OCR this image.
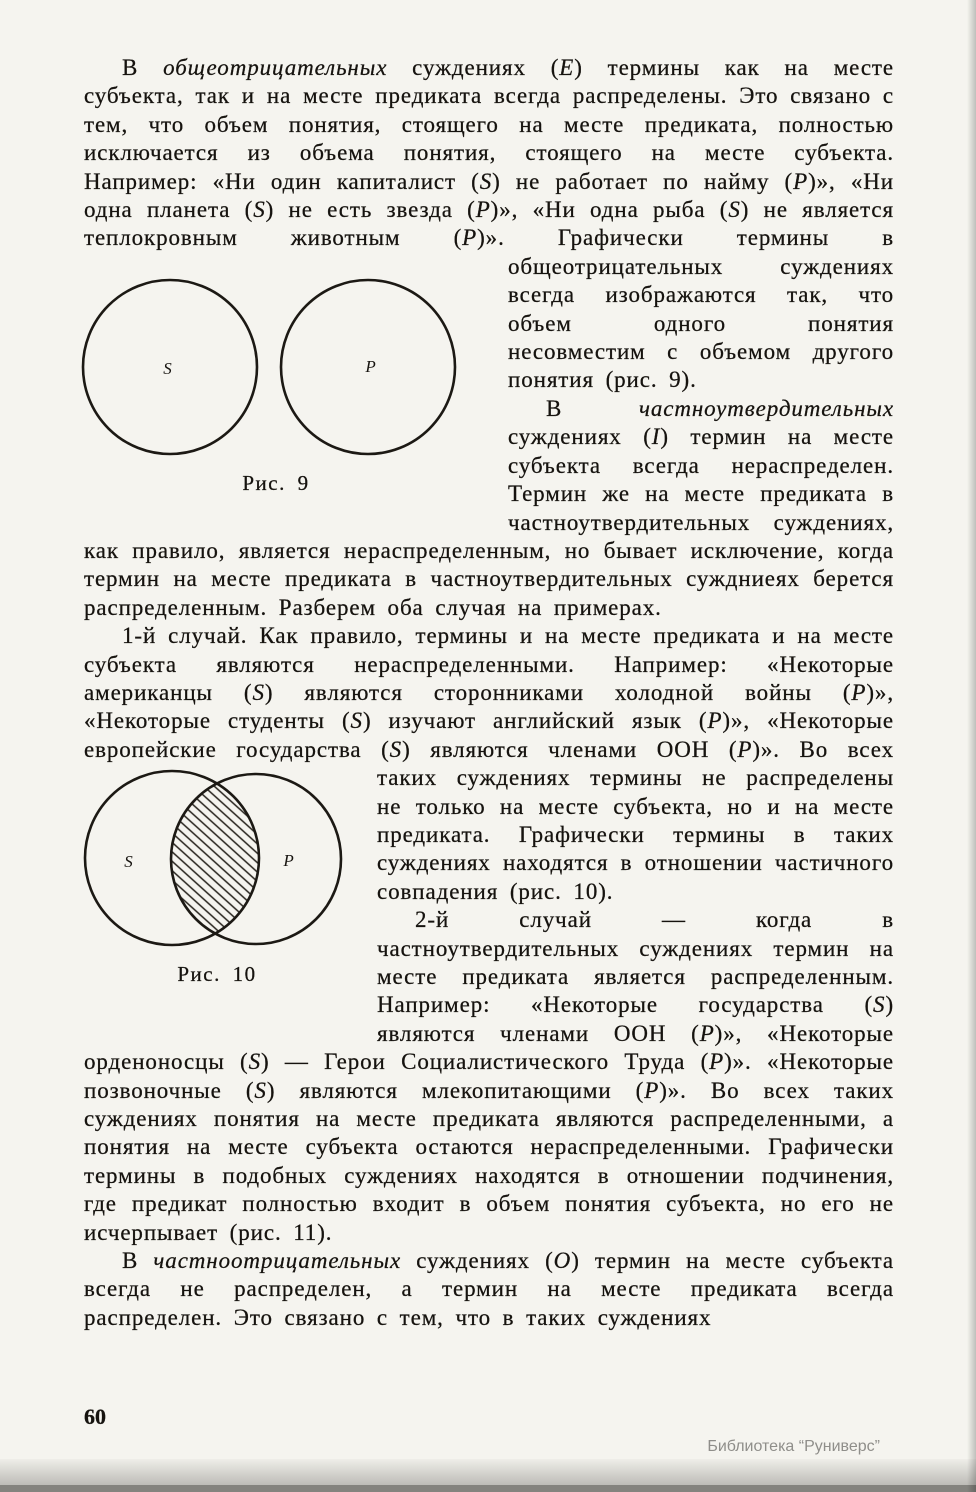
В общеотрицательных суждениях (E) термины как на месте субъекта, так и на месте предиката всегда распределены. Это связано с тем, что объем понятия, стоящего на месте предиката, полностью исключается из объема понятия, стоящего на месте субъекта. Например: «Ни один капиталист (S) не работает по найму (P)», «Ни одна планета (S) не есть звезда (P)», «Ни одна рыба (S) не является теплокровным животным (P)». Графически термины в общеотрицательных суждениях
S	P
Рис. 9
всегда изображаются так, что объем одного понятия несовместим с объемом другого понятия (рис. 9).

В частноутвердительных суждениях (I) термин на месте субъекта всегда нераспределен. Термин же на месте предиката в частноутвердительных суждениях, как правило, является нераспределенным, но бывает исключение, когда термин на месте предиката в частноутвердительных суждниеях берется распределенным. Разберем оба случая на примерах.

1-й случай. Как правило, термины и на месте предиката и на месте субъекта являются нераспределенными. Например: «Некоторые американцы (S) являются сторонниками холодной войны (P)», «Некоторые студенты (S) изучают английский язык (P)», «Некоторые европейские государства (S) являются членами ООН (P)». Во всех таких суждениях термины не
S	P
Рис. 10
распределены не только на месте субъекта, но и на месте предиката. Графически термины в таких суждениях находятся в отношении частичного совпадения (рис. 10).

2-й случай — когда в частноутвердительных суждениях термин на месте предиката является распределенным. Например: «Некоторые государства (S) являются членами ООН (P)», «Некоторые орденоносцы (S) — Герои Социалистического Труда (P)». «Некоторые позвоночные (S) являются млекопитающими (P)». Во всех таких суждениях понятия на месте предиката являются распределенными, а понятия на месте субъекта остаются нераспределенными. Графически термины в подобных суждениях находятся в отношении подчинения, где предикат полностью входит в объем понятия субъекта, но его не исчерпывает (рис. 11).

В частноотрицательных суждениях (O) термин на месте субъекта всегда не распределен, а термин на месте предиката всегда распределен. Это связано с тем, что в таких суждениях

60
Библиотека “Руниверс”
